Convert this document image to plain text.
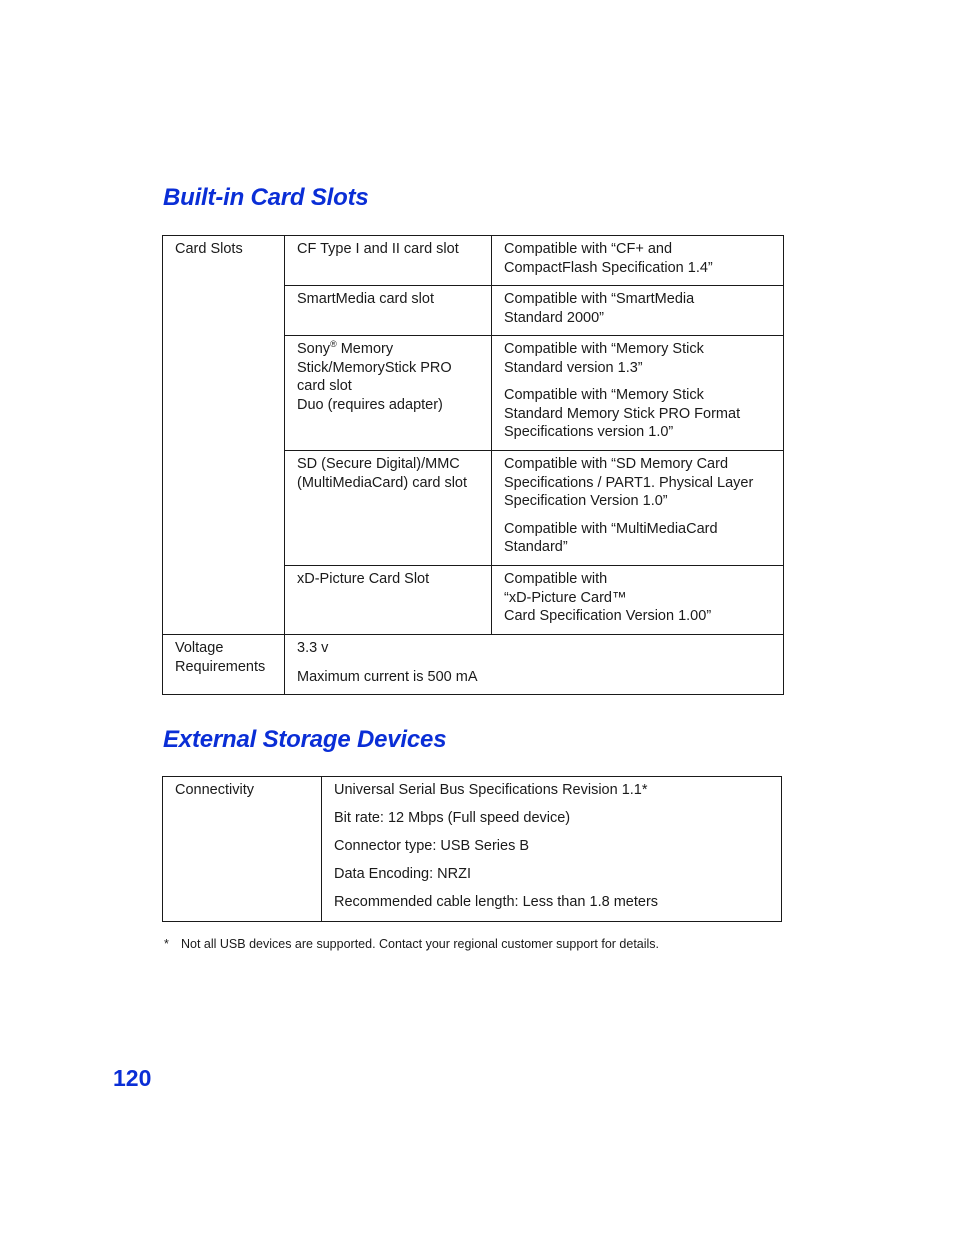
Built-in Card Slots
Card Slots	CF Type I and II card slot	Compatible with “CF+ and
CompactFlash Specification 1.4”

	SmartMedia card slot	Compatible with “SmartMedia
Standard 2000”

	Sony® Memory
Stick/MemoryStick PRO
card slot
Duo (requires adapter)	Compatible with “Memory Stick
Standard version 1.3”
Compatible with “Memory Stick
Standard Memory Stick PRO Format
Specifications version 1.0”

	SD (Secure Digital)/MMC
(MultiMediaCard) card slot	Compatible with “SD Memory Card
Specifications / PART1. Physical Layer
Specification Version 1.0”
Compatible with “MultiMediaCard
Standard”

	xD-Picture Card Slot	Compatible with
“xD-Picture Card™
Card Specification Version 1.00”

Voltage
Requirements	3.3 v
Maximum current is 500 mA	
External Storage Devices
Connectivity	Universal Serial Bus Specifications Revision 1.1*
Bit rate: 12 Mbps (Full speed device)
Connector type: USB Series B
Data Encoding: NRZI
Recommended cable length: Less than 1.8 meters
* Not all USB devices are supported. Contact your regional customer support for details.
120
